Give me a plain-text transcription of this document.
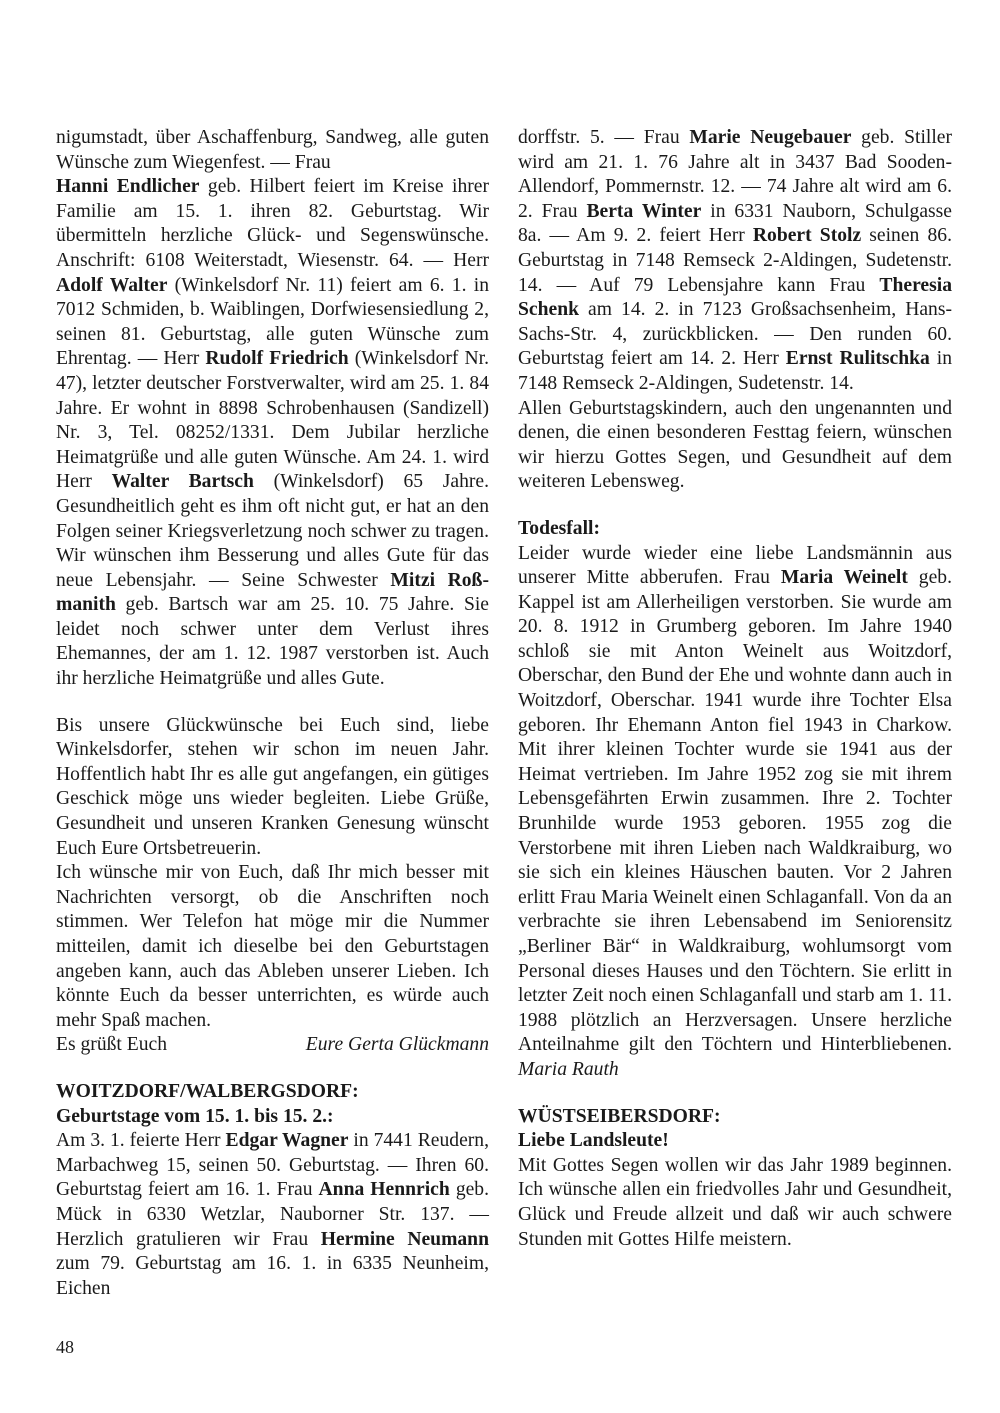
nigumstadt, über Aschaffenburg, Sandweg, alle guten Wünsche zum Wiegenfest. — Frau
Hanni Endlicher geb. Hilbert feiert im Kreise ihrer Familie am 15. 1. ihren 82. Geburtstag. Wir übermitteln herzliche Glück- und Segenswünsche. Anschrift: 6108 Weiterstadt, Wiesenstr. 64. — Herr Adolf Walter (Winkelsdorf Nr. 11) feiert am 6. 1. in 7012 Schmiden, b. Waiblingen, Dorfwiesensiedlung 2, seinen 81. Geburtstag, alle guten Wünsche zum Ehrentag. — Herr Rudolf Friedrich (Winkelsdorf Nr. 47), letzter deutscher Forstverwalter, wird am 25. 1. 84 Jahre. Er wohnt in 8898 Schrobenhausen (Sandizell) Nr. 3, Tel. 08252/1331. Dem Jubilar herzliche Heimatgrüße und alle guten Wünsche. Am 24. 1. wird Herr Walter Bartsch (Winkelsdorf) 65 Jahre. Gesundheitlich geht es ihm oft nicht gut, er hat an den Folgen seiner Kriegsverletzung noch schwer zu tragen. Wir wünschen ihm Besserung und alles Gute für das neue Lebensjahr. — Seine Schwester Mitzi Roßmanith geb. Bartsch war am 25. 10. 75 Jahre. Sie leidet noch schwer unter dem Verlust ihres Ehemannes, der am 1. 12. 1987 verstorben ist. Auch ihr herzliche Heimatgrüße und alles Gute.

Bis unsere Glückwünsche bei Euch sind, liebe Winkelsdorfer, stehen wir schon im neuen Jahr. Hoffentlich habt Ihr es alle gut angefangen, ein gütiges Geschick möge uns wieder begleiten. Liebe Grüße, Gesundheit und unseren Kranken Genesung wünscht Euch Eure Ortsbetreuerin.

Ich wünsche mir von Euch, daß Ihr mich besser mit Nachrichten versorgt, ob die Anschriften noch stimmen. Wer Telefon hat möge mir die Nummer mitteilen, damit ich dieselbe bei den Geburtstagen angeben kann, auch das Ableben unserer Lieben. Ich könnte Euch da besser unterrichten, es würde auch mehr Spaß machen.

Es grüßt Euch	Eure Gerta Glückmann

WOITZDORF/WALBERGSDORF:

Geburtstage vom 15. 1. bis 15. 2.:

Am 3. 1. feierte Herr Edgar Wagner in 7441 Reudern, Marbachweg 15, seinen 50. Geburtstag. — Ihren 60. Geburtstag feiert am 16. 1. Frau Anna Hennrich geb. Mück in 6330 Wetzlar, Nauborner Str. 137. — Herzlich gratulieren wir Frau Hermine Neumann zum 79. Geburtstag am 16. 1. in 6335 Neunheim, Eichen

dorffstr. 5. — Frau Marie Neugebauer geb. Stiller wird am 21. 1. 76 Jahre alt in 3437 Bad Sooden-Allendorf, Pommernstr. 12. — 74 Jahre alt wird am 6. 2. Frau Berta Winter in 6331 Nauborn, Schulgasse 8a. — Am 9. 2. feiert Herr Robert Stolz seinen 86. Geburtstag in 7148 Remseck 2-Aldingen, Sudetenstr. 14. — Auf 79 Lebensjahre kann Frau Theresia Schenk am 14. 2. in 7123 Großsachsenheim, Hans-Sachs-Str. 4, zurückblicken. — Den runden 60. Geburtstag feiert am 14. 2. Herr Ernst Rulitschka in 7148 Remseck 2-Aldingen, Sudetenstr. 14.

Allen Geburtstagskindern, auch den ungenannten und denen, die einen besonderen Festtag feiern, wünschen wir hierzu Gottes Segen, und Gesundheit auf dem weiteren Lebensweg.

Todesfall:

Leider wurde wieder eine liebe Landsmännin aus unserer Mitte abberufen. Frau Maria Weinelt geb. Kappel ist am Allerheiligen verstorben. Sie wurde am 20. 8. 1912 in Grumberg geboren. Im Jahre 1940 schloß sie mit Anton Weinelt aus Woitzdorf, Oberschar, den Bund der Ehe und wohnte dann auch in Woitzdorf, Oberschar. 1941 wurde ihre Tochter Elsa geboren. Ihr Ehemann Anton fiel 1943 in Charkow. Mit ihrer kleinen Tochter wurde sie 1941 aus der Heimat vertrieben. Im Jahre 1952 zog sie mit ihrem Lebensgefährten Erwin zusammen. Ihre 2. Tochter Brunhilde wurde 1953 geboren. 1955 zog die Verstorbene mit ihren Lieben nach Waldkraiburg, wo sie sich ein kleines Häuschen bauten. Vor 2 Jahren erlitt Frau Maria Weinelt einen Schlaganfall. Von da an verbrachte sie ihren Lebensabend im Seniorensitz „Berliner Bär“ in Waldkraiburg, wohlumsorgt vom Personal dieses Hauses und den Töchtern. Sie erlitt in letzter Zeit noch einen Schlaganfall und starb am 1. 11. 1988 plötzlich an Herzversagen. Unsere herzliche Anteilnahme gilt den Töchtern und Hinterbliebenen. Maria Rauth

WÜSTSEIBERSDORF:

Liebe Landsleute!

Mit Gottes Segen wollen wir das Jahr 1989 beginnen. Ich wünsche allen ein friedvolles Jahr und Gesundheit, Glück und Freude allzeit und daß wir auch schwere Stunden mit Gottes Hilfe meistern.

48
